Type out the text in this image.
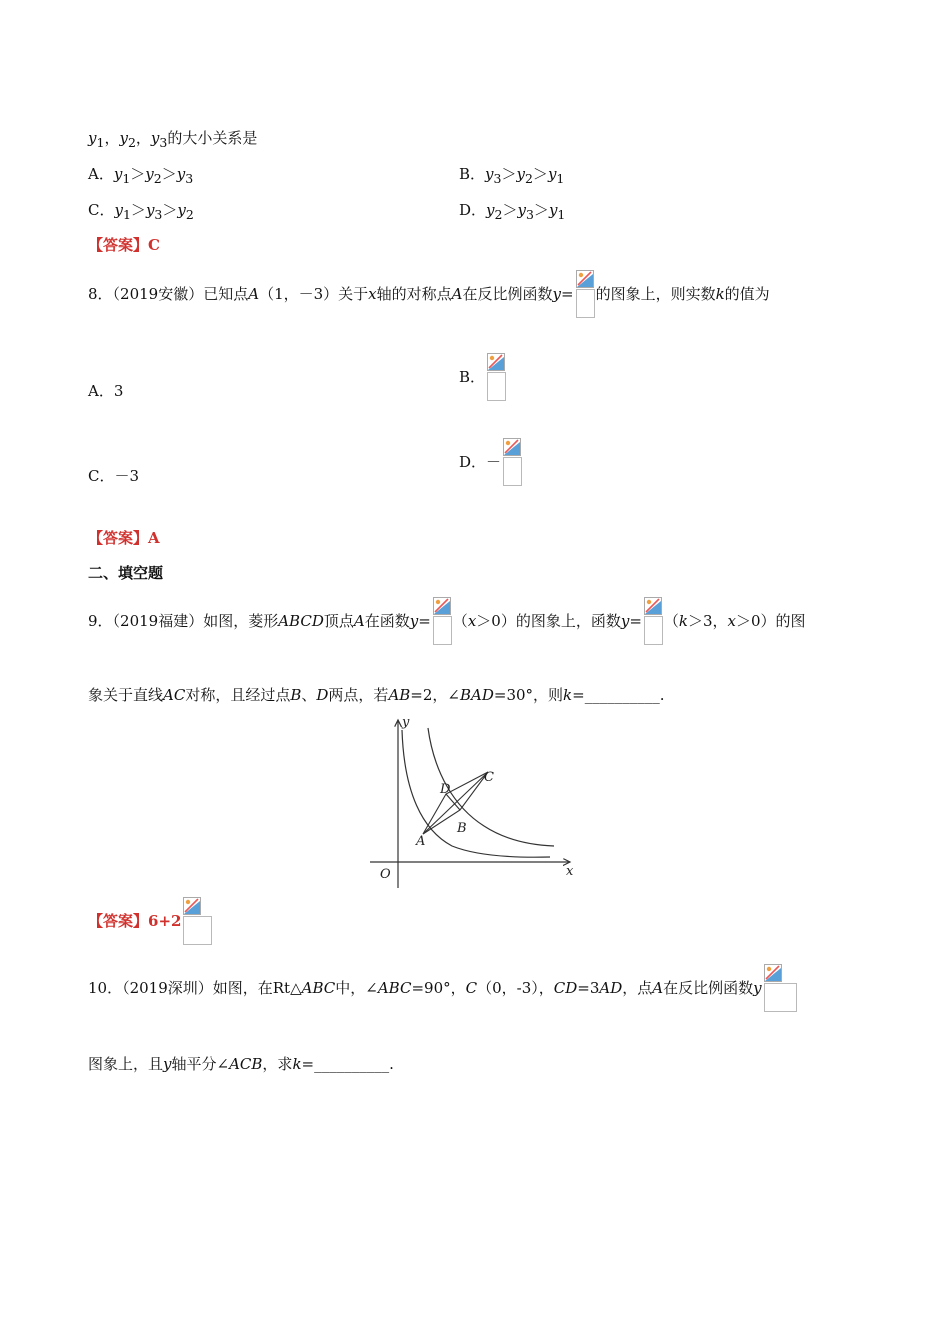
$y_1$，$y_2$，$y_3$的大小关系是
A．$y_1>y_2>y_3$	B．$y_3>y_2>y_1$
C．$y_1>y_3>y_2$	D．$y_2>y_3>y_1$
【答案】C
8．（2019安徽）已知点A（1，－3）关于x轴的对称点A在反比例函数y= 的图象上，则实数k的值为
A．3
B．
C．－3
D．－
【答案】A
二、填空题
9．（2019福建）如图，菱形ABCD顶点A在函数y= （x＞0）的图象上，函数y= （k＞3，x＞0）的图
象关于直线AC对称，且经过点B、D两点，若AB=2，∠BAD=30°，则k=__________.
y
x
O
A
B
C
D
【答案】6+2
10．（2019深圳）如图，在Rt△ABC中，∠ABC=90°，C（0，-3），CD=3AD，点A在反比例函数y
图象上，且y轴平分∠ACB，求k=__________.
